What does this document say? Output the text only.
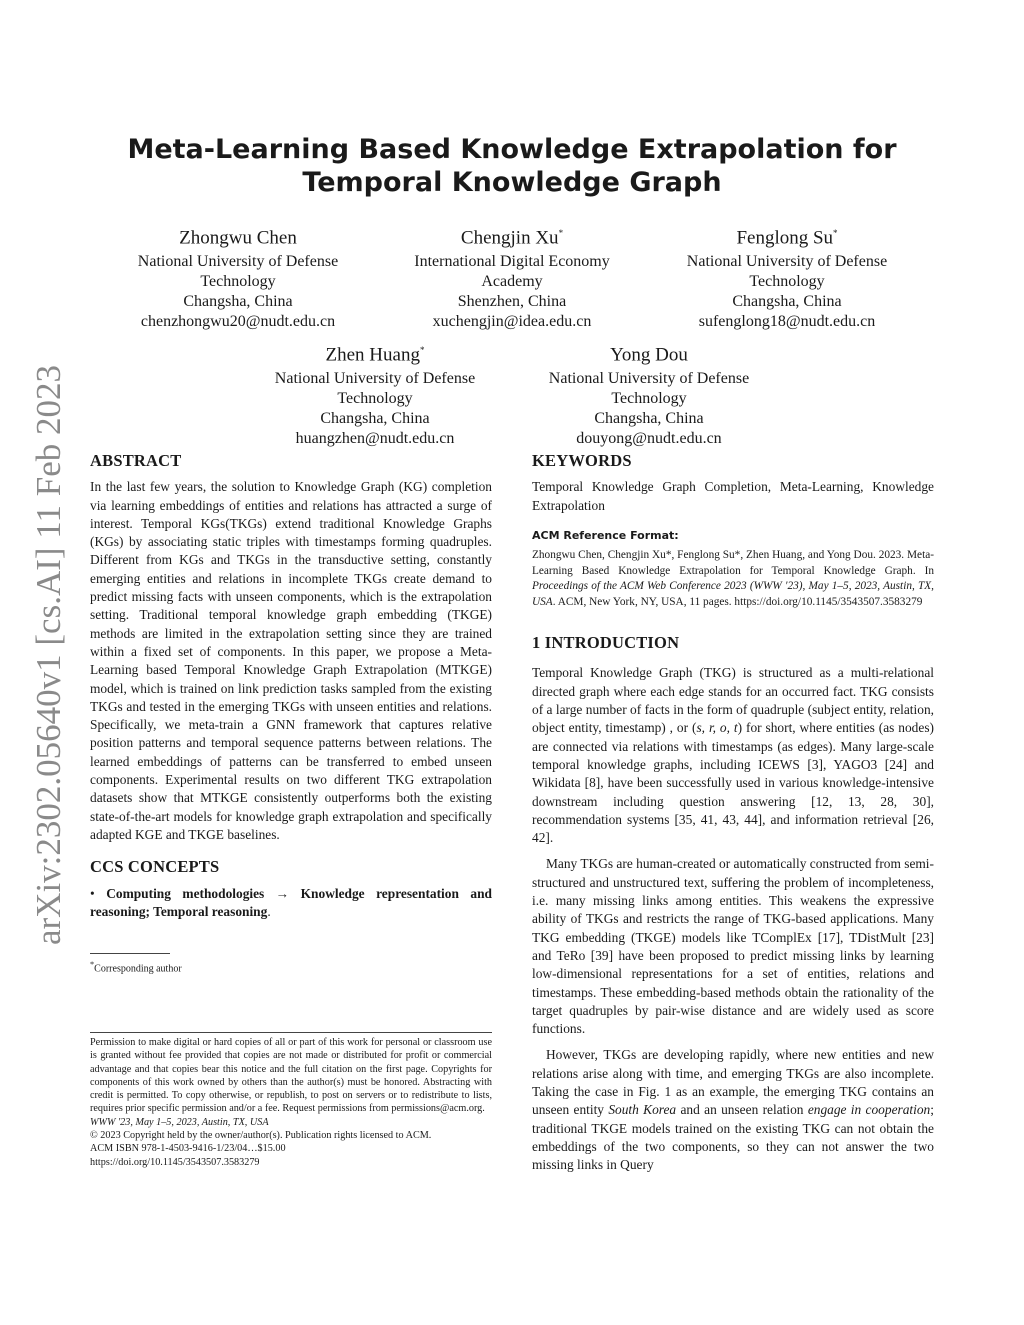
arXiv:2302.05640v1 [cs.AI] 11 Feb 2023
Meta-Learning Based Knowledge Extrapolation for Temporal Knowledge Graph
Zhongwu Chen
National University of Defense
Technology
Changsha, China
chenzhongwu20@nudt.edu.cn
Chengjin Xu*
International Digital Economy
Academy
Shenzhen, China
xuchengjin@idea.edu.cn
Fenglong Su*
National University of Defense
Technology
Changsha, China
sufenglong18@nudt.edu.cn
Zhen Huang*
National University of Defense
Technology
Changsha, China
huangzhen@nudt.edu.cn
Yong Dou
National University of Defense
Technology
Changsha, China
douyong@nudt.edu.cn
ABSTRACT

In the last few years, the solution to Knowledge Graph (KG) completion via learning embeddings of entities and relations has attracted a surge of interest. Temporal KGs(TKGs) extend traditional Knowledge Graphs (KGs) by associating static triples with timestamps forming quadruples. Different from KGs and TKGs in the transductive setting, constantly emerging entities and relations in incomplete TKGs create demand to predict missing facts with unseen components, which is the extrapolation setting. Traditional temporal knowledge graph embedding (TKGE) methods are limited in the extrapolation setting since they are trained within a fixed set of components. In this paper, we propose a Meta-Learning based Temporal Knowledge Graph Extrapolation (MTKGE) model, which is trained on link prediction tasks sampled from the existing TKGs and tested in the emerging TKGs with unseen entities and relations. Specifically, we meta-train a GNN framework that captures relative position patterns and temporal sequence patterns between relations. The learned embeddings of patterns can be transferred to embed unseen components. Experimental results on two different TKG extrapolation datasets show that MTKGE consistently outperforms both the existing state-of-the-art models for knowledge graph extrapolation and specifically adapted KGE and TKGE baselines.

CCS CONCEPTS

• Computing methodologies → Knowledge representation and reasoning; Temporal reasoning.

*Corresponding author

Permission to make digital or hard copies of all or part of this work for personal or classroom use is granted without fee provided that copies are not made or distributed for profit or commercial advantage and that copies bear this notice and the full citation on the first page. Copyrights for components of this work owned by others than the author(s) must be honored. Abstracting with credit is permitted. To copy otherwise, or republish, to post on servers or to redistribute to lists, requires prior specific permission and/or a fee. Request permissions from permissions@acm.org.

WWW '23, May 1–5, 2023, Austin, TX, USA

© 2023 Copyright held by the owner/author(s). Publication rights licensed to ACM.

ACM ISBN 978-1-4503-9416-1/23/04…$15.00

https://doi.org/10.1145/3543507.3583279

KEYWORDS

Temporal Knowledge Graph Completion, Meta-Learning, Knowledge Extrapolation

ACM Reference Format:

Zhongwu Chen, Chengjin Xu*, Fenglong Su*, Zhen Huang, and Yong Dou. 2023. Meta-Learning Based Knowledge Extrapolation for Temporal Knowledge Graph. In Proceedings of the ACM Web Conference 2023 (WWW '23), May 1–5, 2023, Austin, TX, USA. ACM, New York, NY, USA, 11 pages. https://doi.org/10.1145/3543507.3583279

1 INTRODUCTION

Temporal Knowledge Graph (TKG) is structured as a multi-relational directed graph where each edge stands for an occurred fact. TKG consists of a large number of facts in the form of quadruple (subject entity, relation, object entity, timestamp) , or (s, r, o, t) for short, where entities (as nodes) are connected via relations with timestamps (as edges). Many large-scale temporal knowledge graphs, including ICEWS [3], YAGO3 [24] and Wikidata [8], have been successfully used in various knowledge-intensive downstream including question answering [12, 13, 28, 30], recommendation systems [35, 41, 43, 44], and information retrieval [26, 42].

Many TKGs are human-created or automatically constructed from semi-structured and unstructured text, suffering the problem of incompleteness, i.e. many missing links among entities. This weakens the expressive ability of TKGs and restricts the range of TKG-based applications. Many TKG embedding (TKGE) models like TComplEx [17], TDistMult [23] and TeRo [39] have been proposed to predict missing links by learning low-dimensional representations for a set of entities, relations and timestamps. These embedding-based methods obtain the rationality of the target quadruples by pair-wise distance and are widely used as score functions.

However, TKGs are developing rapidly, where new entities and new relations arise along with time, and emerging TKGs are also incomplete. Taking the case in Fig. 1 as an example, the emerging TKG contains an unseen entity South Korea and an unseen relation engage in cooperation; traditional TKGE models trained on the existing TKG can not obtain the embeddings of the two components, so they can not answer the two missing links in Query
